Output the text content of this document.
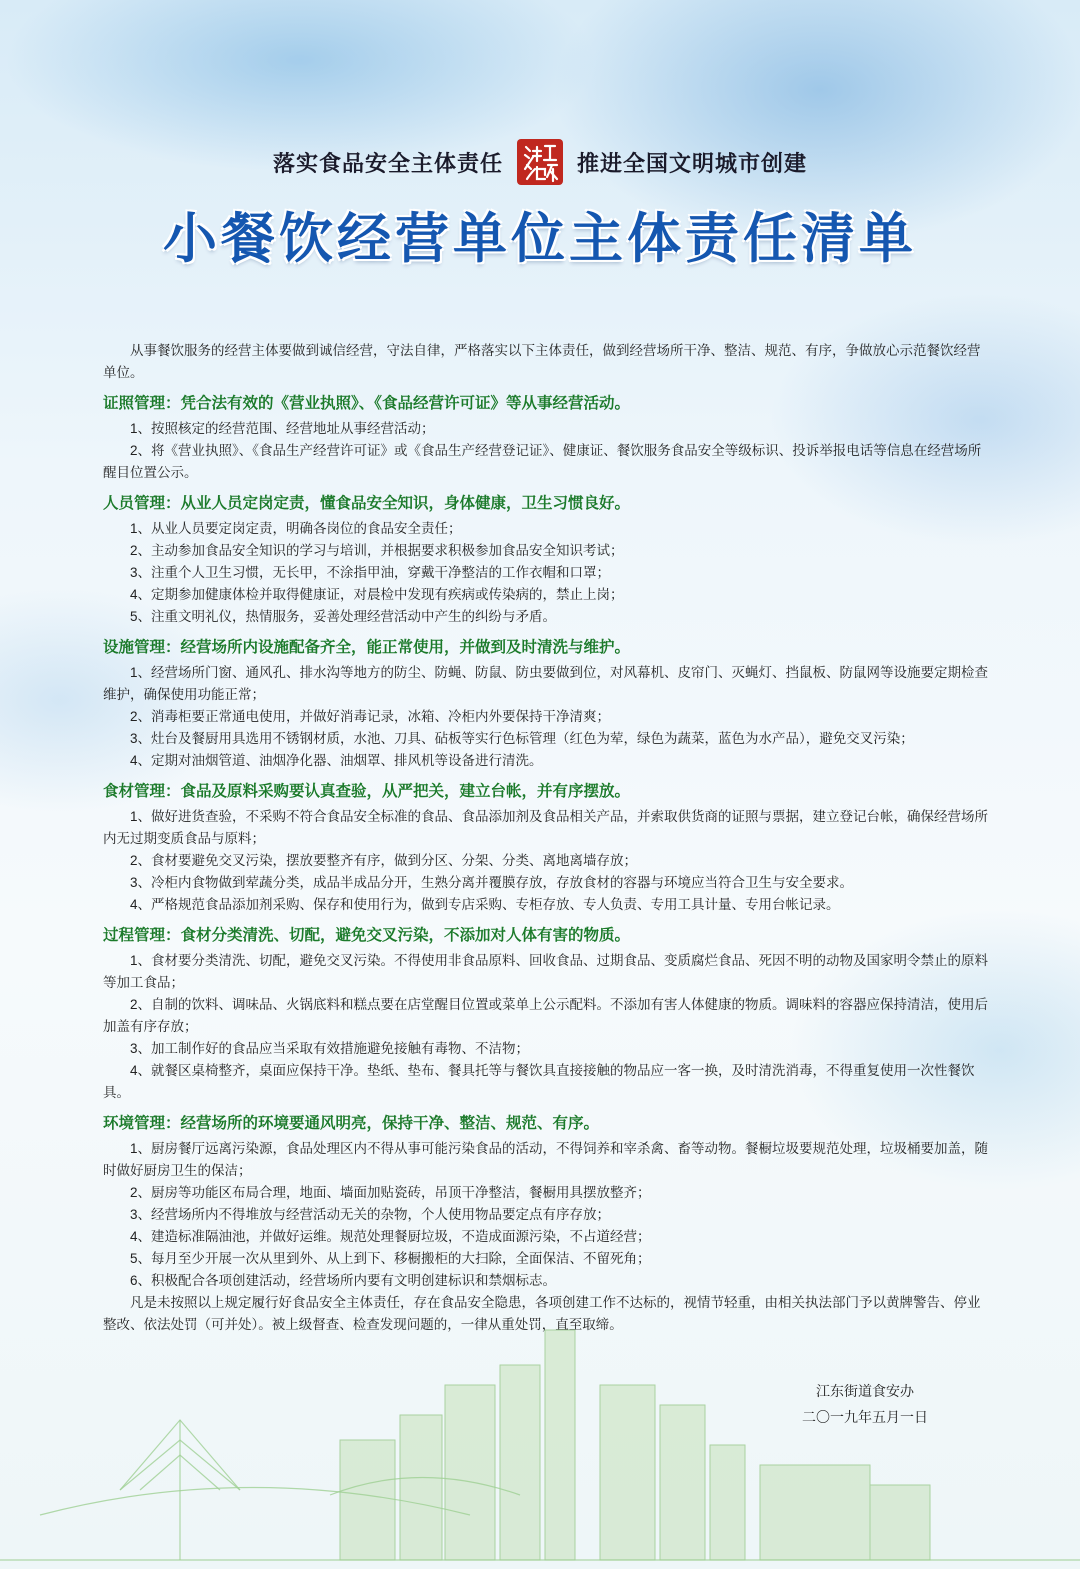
落实食品安全主体责任	推进全国文明城市创建
小餐饮经营单位主体责任清单

从事餐饮服务的经营主体要做到诚信经营，守法自律，严格落实以下主体责任，做到经营场所干净、整洁、规范、有序，争做放心示范餐饮经营单位。

证照管理：凭合法有效的《营业执照》、《食品经营许可证》等从事经营活动。

1、按照核定的经营范围、经营地址从事经营活动；

2、将《营业执照》、《食品生产经营许可证》或《食品生产经营登记证》、健康证、餐饮服务食品安全等级标识、投诉举报电话等信息在经营场所醒目位置公示。

人员管理：从业人员定岗定责，懂食品安全知识，身体健康，卫生习惯良好。

1、从业人员要定岗定责，明确各岗位的食品安全责任；

2、主动参加食品安全知识的学习与培训，并根据要求积极参加食品安全知识考试；

3、注重个人卫生习惯，无长甲，不涂指甲油，穿戴干净整洁的工作衣帽和口罩；

4、定期参加健康体检并取得健康证，对晨检中发现有疾病或传染病的，禁止上岗；

5、注重文明礼仪，热情服务，妥善处理经营活动中产生的纠纷与矛盾。

设施管理：经营场所内设施配备齐全，能正常使用，并做到及时清洗与维护。

1、经营场所门窗、通风孔、排水沟等地方的防尘、防蝇、防鼠、防虫要做到位，对风幕机、皮帘门、灭蝇灯、挡鼠板、防鼠网等设施要定期检查维护，确保使用功能正常；

2、消毒柜要正常通电使用，并做好消毒记录，冰箱、冷柜内外要保持干净清爽；

3、灶台及餐厨用具选用不锈钢材质，水池、刀具、砧板等实行色标管理（红色为荤，绿色为蔬菜，蓝色为水产品），避免交叉污染；

4、定期对油烟管道、油烟净化器、油烟罩、排风机等设备进行清洗。

食材管理：食品及原料采购要认真查验，从严把关，建立台帐，并有序摆放。

1、做好进货查验，不采购不符合食品安全标准的食品、食品添加剂及食品相关产品，并索取供货商的证照与票据，建立登记台帐，确保经营场所内无过期变质食品与原料；

2、食材要避免交叉污染，摆放要整齐有序，做到分区、分架、分类、离地离墙存放；

3、冷柜内食物做到荤蔬分类，成品半成品分开，生熟分离并覆膜存放，存放食材的容器与环境应当符合卫生与安全要求。

4、严格规范食品添加剂采购、保存和使用行为，做到专店采购、专柜存放、专人负责、专用工具计量、专用台帐记录。

过程管理：食材分类清洗、切配，避免交叉污染，不添加对人体有害的物质。

1、食材要分类清洗、切配，避免交叉污染。不得使用非食品原料、回收食品、过期食品、变质腐烂食品、死因不明的动物及国家明令禁止的原料等加工食品；

2、自制的饮料、调味品、火锅底料和糕点要在店堂醒目位置或菜单上公示配料。不添加有害人体健康的物质。调味料的容器应保持清洁，使用后加盖有序存放；

3、加工制作好的食品应当采取有效措施避免接触有毒物、不洁物；

4、就餐区桌椅整齐，桌面应保持干净。垫纸、垫布、餐具托等与餐饮具直接接触的物品应一客一换，及时清洗消毒，不得重复使用一次性餐饮具。

环境管理：经营场所的环境要通风明亮，保持干净、整洁、规范、有序。

1、厨房餐厅远离污染源，食品处理区内不得从事可能污染食品的活动，不得饲养和宰杀禽、畜等动物。餐橱垃圾要规范处理，垃圾桶要加盖，随时做好厨房卫生的保洁；

2、厨房等功能区布局合理，地面、墙面加贴瓷砖，吊顶干净整洁，餐橱用具摆放整齐；

3、经营场所内不得堆放与经营活动无关的杂物，个人使用物品要定点有序存放；

4、建造标准隔油池，并做好运维。规范处理餐厨垃圾，不造成面源污染，不占道经营；

5、每月至少开展一次从里到外、从上到下、移橱搬柜的大扫除，全面保洁、不留死角；

6、积极配合各项创建活动，经营场所内要有文明创建标识和禁烟标志。

凡是未按照以上规定履行好食品安全主体责任，存在食品安全隐患，各项创建工作不达标的，视情节轻重，由相关执法部门予以黄牌警告、停业整改、依法处罚（可并处）。被上级督查、检查发现问题的，一律从重处罚，直至取缔。

江东街道食安办
二〇一九年五月一日
